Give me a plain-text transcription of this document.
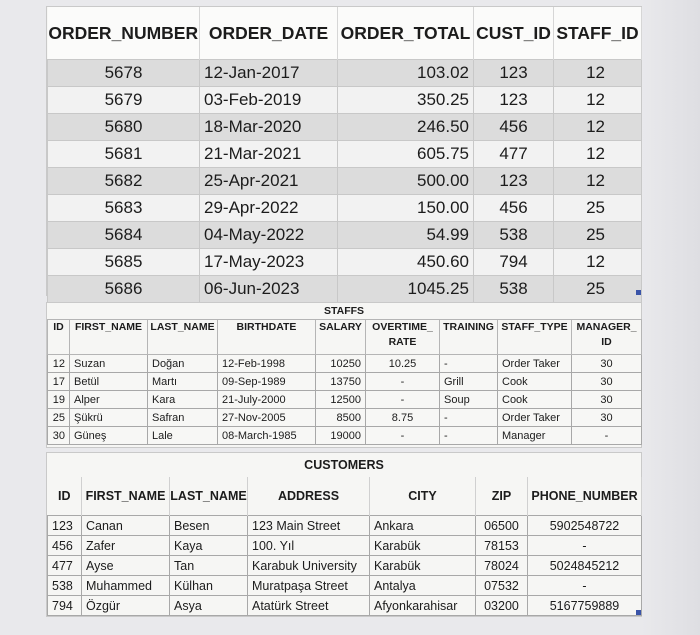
ORDER_NUMBER	ORDER_DATE	ORDER_TOTAL	CUST_ID	STAFF_ID
5678	12-Jan-2017	103.02	123	12
5679	03-Feb-2019	350.25	123	12
5680	18-Mar-2020	246.50	456	12
5681	21-Mar-2021	605.75	477	12
5682	25-Apr-2021	500.00	123	12
5683	29-Apr-2022	150.00	456	25
5684	04-May-2022	54.99	538	25
5685	17-May-2023	450.60	794	12
5686	06-Jun-2023	1045.25	538	25
STAFFS
ID	FIRST_NAME	LAST_NAME	BIRTHDATE	SALARY	OVERTIME_ RATE	TRAINING	STAFF_TYPE	MANAGER_ ID
12	Suzan	Doğan	12-Feb-1998	10250	10.25	-	Order Taker	30
17	Betül	Martı	09-Sep-1989	13750	-	Grill	Cook	30
19	Alper	Kara	21-July-2000	12500	-	Soup	Cook	30
25	Şükrü	Safran	27-Nov-2005	8500	8.75	-	Order Taker	30
30	Güneş	Lale	08-March-1985	19000	-	-	Manager	-
CUSTOMERS
ID	FIRST_NAME	LAST_NAME	ADDRESS	CITY	ZIP	PHONE_NUMBER
123	Canan	Besen	123 Main Street	Ankara	06500	5902548722
456	Zafer	Kaya	100. Yıl	Karabük	78153	-
477	Ayse	Tan	Karabuk University	Karabük	78024	5024845212
538	Muhammed	Külhan	Muratpaşa Street	Antalya	07532	-
794	Özgür	Asya	Atatürk Street	Afyonkarahisar	03200	5167759889
